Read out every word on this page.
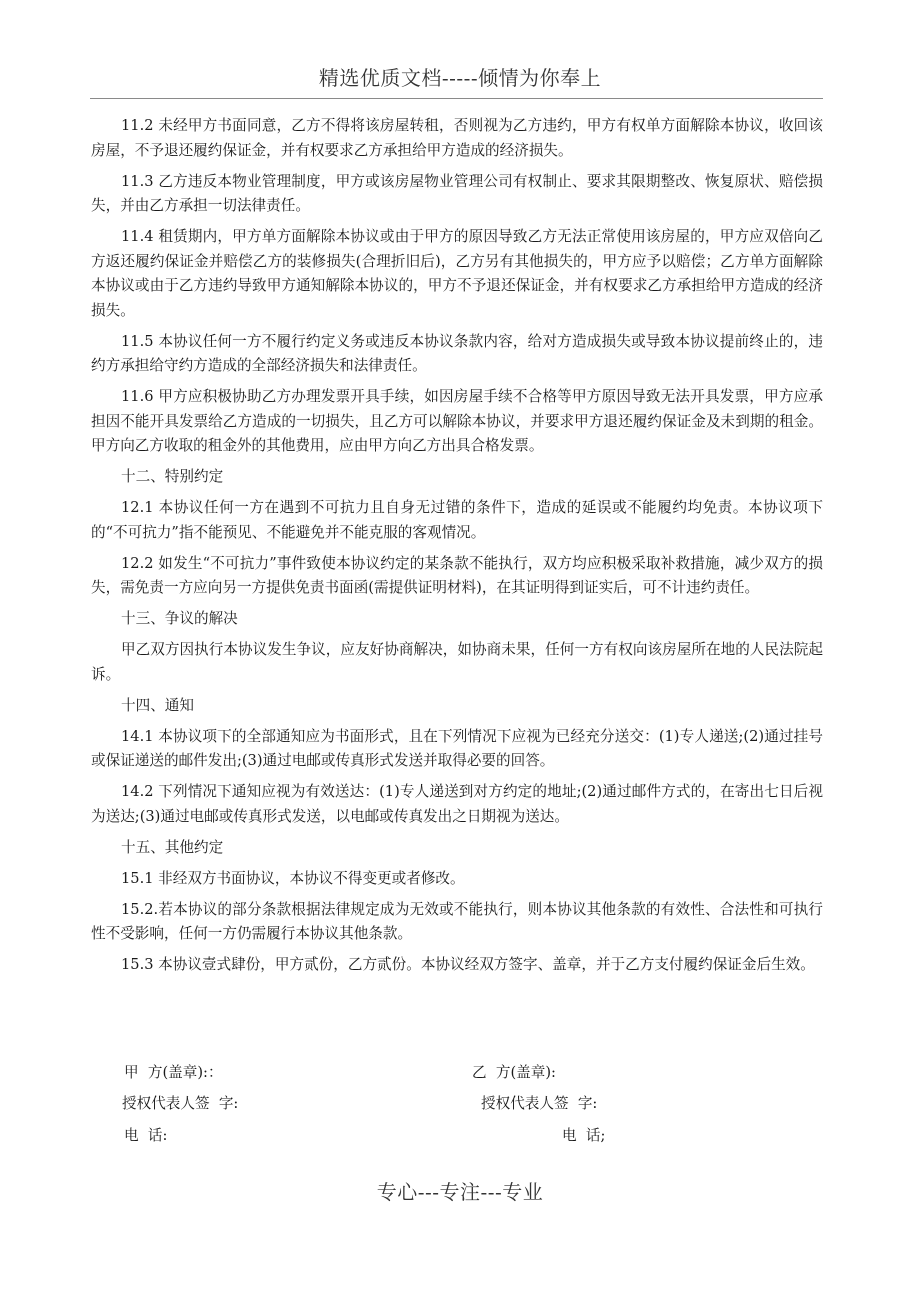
精选优质文档-----倾情为你奉上

11.2 未经甲方书面同意，乙方不得将该房屋转租，否则视为乙方违约，甲方有权单方面解除本协议，收回该房屋，不予退还履约保证金，并有权要求乙方承担给甲方造成的经济损失。

11.3 乙方违反本物业管理制度，甲方或该房屋物业管理公司有权制止、要求其限期整改、恢复原状、赔偿损失，并由乙方承担一切法律责任。

11.4 租赁期内，甲方单方面解除本协议或由于甲方的原因导致乙方无法正常使用该房屋的，甲方应双倍向乙方返还履约保证金并赔偿乙方的装修损失(合理折旧后)，乙方另有其他损失的，甲方应予以赔偿；乙方单方面解除本协议或由于乙方违约导致甲方通知解除本协议的，甲方不予退还保证金，并有权要求乙方承担给甲方造成的经济损失。

11.5 本协议任何一方不履行约定义务或违反本协议条款内容，给对方造成损失或导致本协议提前终止的，违约方承担给守约方造成的全部经济损失和法律责任。

11.6 甲方应积极协助乙方办理发票开具手续，如因房屋手续不合格等甲方原因导致无法开具发票，甲方应承担因不能开具发票给乙方造成的一切损失，且乙方可以解除本协议，并要求甲方退还履约保证金及未到期的租金。甲方向乙方收取的租金外的其他费用，应由甲方向乙方出具合格发票。

十二、特别约定

12.1 本协议任何一方在遇到不可抗力且自身无过错的条件下，造成的延误或不能履约均免责。本协议项下的“不可抗力”指不能预见、不能避免并不能克服的客观情况。

12.2 如发生“不可抗力”事件致使本协议约定的某条款不能执行，双方均应积极采取补救措施，减少双方的损失，需免责一方应向另一方提供免责书面函(需提供证明材料)，在其证明得到证实后，可不计违约责任。

十三、争议的解决

甲乙双方因执行本协议发生争议，应友好协商解决，如协商未果，任何一方有权向该房屋所在地的人民法院起诉。

十四、通知

14.1 本协议项下的全部通知应为书面形式，且在下列情况下应视为已经充分送交：(1)专人递送;(2)通过挂号或保证递送的邮件发出;(3)通过电邮或传真形式发送并取得必要的回答。

14.2 下列情况下通知应视为有效送达：(1)专人递送到对方约定的地址;(2)通过邮件方式的，在寄出七日后视为送达;(3)通过电邮或传真形式发送，以电邮或传真发出之日期视为送达。

十五、其他约定

15.1 非经双方书面协议，本协议不得变更或者修改。

15.2.若本协议的部分条款根据法律规定成为无效或不能执行，则本协议其他条款的有效性、合法性和可执行性不受影响，任何一方仍需履行本协议其他条款。

15.3 本协议壹式肆份，甲方贰份，乙方贰份。本协议经双方签字、盖章，并于乙方支付履约保证金后生效。

甲  方(盖章):：	乙  方(盖章):
授权代表人签  字:	授权代表人签  字:
电  话:	电  话;
专心---专注---专业
